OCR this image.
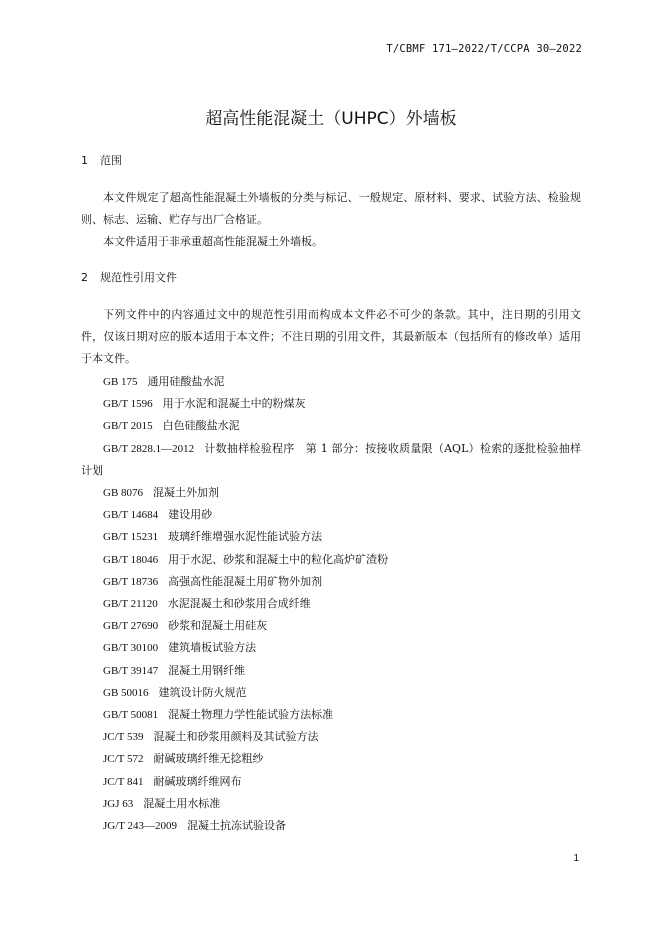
T/CBMF 171—2022/T/CCPA 30—2022
超高性能混凝土（UHPC）外墙板
1 范围

本文件规定了超高性能混凝土外墙板的分类与标记、一般规定、原材料、要求、试验方法、检验规则、标志、运输、贮存与出厂合格证。

本文件适用于非承重超高性能混凝土外墙板。

2 规范性引用文件

下列文件中的内容通过文中的规范性引用而构成本文件必不可少的条款。其中，注日期的引用文件，仅该日期对应的版本适用于本文件；不注日期的引用文件，其最新版本（包括所有的修改单）适用于本文件。

GB 175 通用硅酸盐水泥
GB/T 1596 用于水泥和混凝土中的粉煤灰
GB/T 2015 白色硅酸盐水泥
GB/T 2828.1—2012 计数抽样检验程序　第 1 部分：按接收质量限（AQL）检索的逐批检验抽样计划
GB 8076 混凝土外加剂
GB/T 14684 建设用砂
GB/T 15231 玻璃纤维增强水泥性能试验方法
GB/T 18046 用于水泥、砂浆和混凝土中的粒化高炉矿渣粉
GB/T 18736 高强高性能混凝土用矿物外加剂
GB/T 21120 水泥混凝土和砂浆用合成纤维
GB/T 27690 砂浆和混凝土用硅灰
GB/T 30100 建筑墙板试验方法
GB/T 39147 混凝土用钢纤维
GB 50016 建筑设计防火规范
GB/T 50081 混凝土物理力学性能试验方法标准
JC/T 539 混凝土和砂浆用颜料及其试验方法
JC/T 572 耐碱玻璃纤维无捻粗纱
JC/T 841 耐碱玻璃纤维网布
JGJ 63 混凝土用水标准
JG/T 243—2009 混凝土抗冻试验设备
1
